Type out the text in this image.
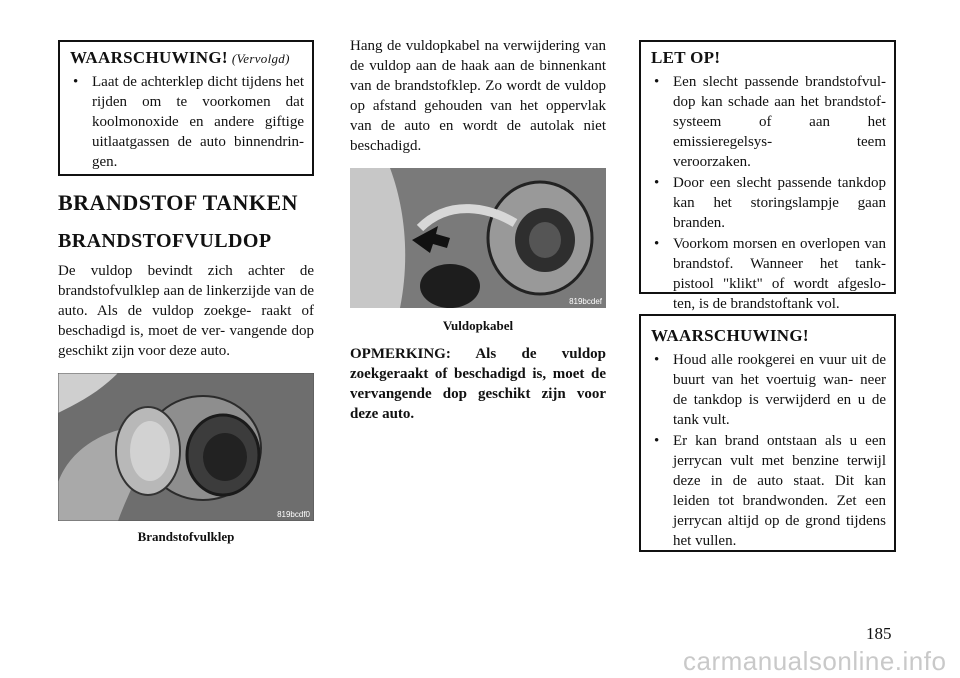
WAARSCHUWING! (Vervolgd)
• Laat de achterklep dicht tijdens het rijden om te voorkomen dat koolmonoxide en andere giftige uitlaatgassen de auto binnendrin- gen.
BRANDSTOF TANKEN
BRANDSTOFVULDOP
De vuldop bevindt zich achter de brandstofvulklep aan de linkerzijde van de auto. Als de vuldop zoekge- raakt of beschadigd is, moet de ver- vangende dop geschikt zijn voor deze auto.
819bcdf0
Brandstofvulklep
Hang de vuldopkabel na verwijdering van de vuldop aan de haak aan de binnenkant van de brandstofklep. Zo wordt de vuldop op afstand gehouden van het oppervlak van de auto en wordt de autolak niet beschadigd.
819bcdef
Vuldopkabel
OPMERKING: Als de vuldop zoekgeraakt of beschadigd is, moet de vervangende dop geschikt zijn voor deze auto.
LET OP!
• Een slecht passende brandstofvul- dop kan schade aan het brandstof- systeem of aan het emissieregelsys- teem veroorzaken.
• Door een slecht passende tankdop kan het storingslampje gaan branden.
• Voorkom morsen en overlopen van brandstof. Wanneer het tank- pistool "klikt" of wordt afgeslo- ten, is de brandstoftank vol.
WAARSCHUWING!
• Houd alle rookgerei en vuur uit de buurt van het voertuig wan- neer de tankdop is verwijderd en u de tank vult.
• Er kan brand ontstaan als u een jerrycan vult met benzine terwijl deze in de auto staat. Dit kan leiden tot brandwonden. Zet een jerrycan altijd op de grond tijdens het vullen.
185
carmanualsonline.info
